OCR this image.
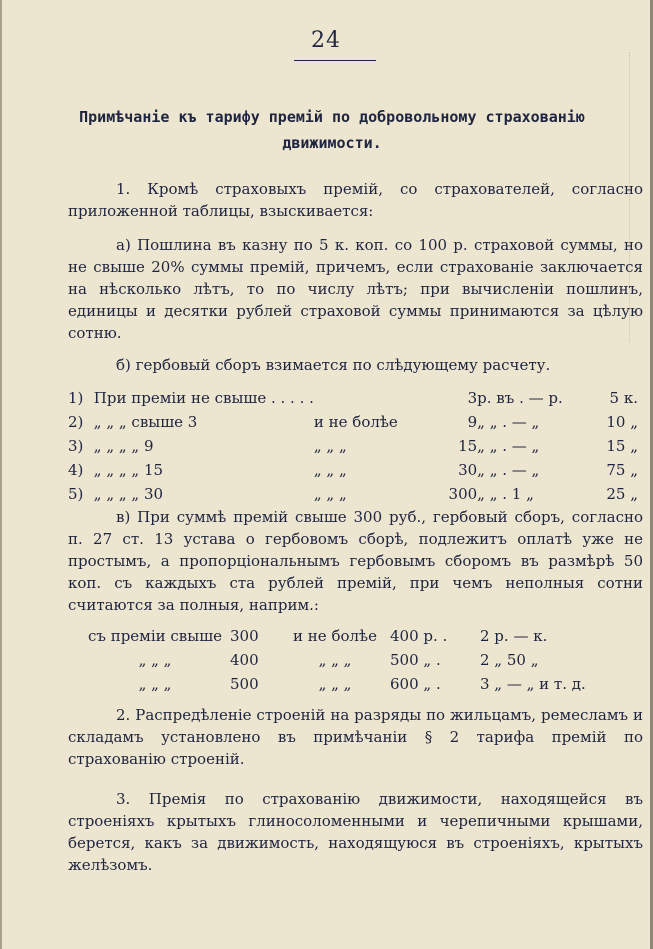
24
Примѣчаніе къ тарифу премій по добровольному страхованію движимости.
1. Кромѣ страховыхъ премій, со страхователей, согласно приложенной таблицы, взыскивается:
а) Пошлина въ казну по 5 к. коп. со 100 р. страховой суммы, но не свыше 20% суммы премій, причемъ, если страхованіе заключается на нѣсколько лѣтъ, то по числу лѣтъ; при вычисленіи пошлинъ, единицы и десятки рублей страховой суммы принимаются за цѣлую сотню.
б) гербовый сборъ взимается по слѣдующему расчету.
1)	При преміи не свыше . . . . .			3	р. въ . — р.	5 к.
2)	„ „ „ свыше 3	и не болѣе		9	„ „ . — „	10 „
3)	„ „ „ „ 9	„ „ „		15	„ „ . — „	15 „
4)	„ „ „ „ 15	„ „ „		30	„ „ . — „	75 „
5)	„ „ „ „ 30	„ „ „		300	„ „ . 1 „	25 „
в) При суммѣ премій свыше 300 руб., гербовый сборъ, согласно п. 27 ст. 13 устава о гербовомъ сборѣ, подлежитъ оплатѣ уже не простымъ, а пропорціональнымъ гербовымъ сборомъ въ размѣрѣ 50 коп. съ каждыхъ ста рублей премій, при чемъ неполныя сотни считаются за полныя, наприм.:
съ преміи свыше	300	и не болѣе	400 р. .	2 р. — к.
„ „ „	400	„ „ „	500 „ .	2 „ 50 „
„ „ „	500	„ „ „	600 „ .	3 „ — „ и т. д.
2. Распредѣленіе строеній на разряды по жильцамъ, ремесламъ и складамъ установлено въ примѣчаніи § 2 тарифа премій по страхованію строеній.
3. Премія по страхованію движимости, находящейся въ строеніяхъ крытыхъ глиносоломенными и черепичными крышами, берется, какъ за движимость, находящуюся въ строеніяхъ, крытыхъ желѣзомъ.
